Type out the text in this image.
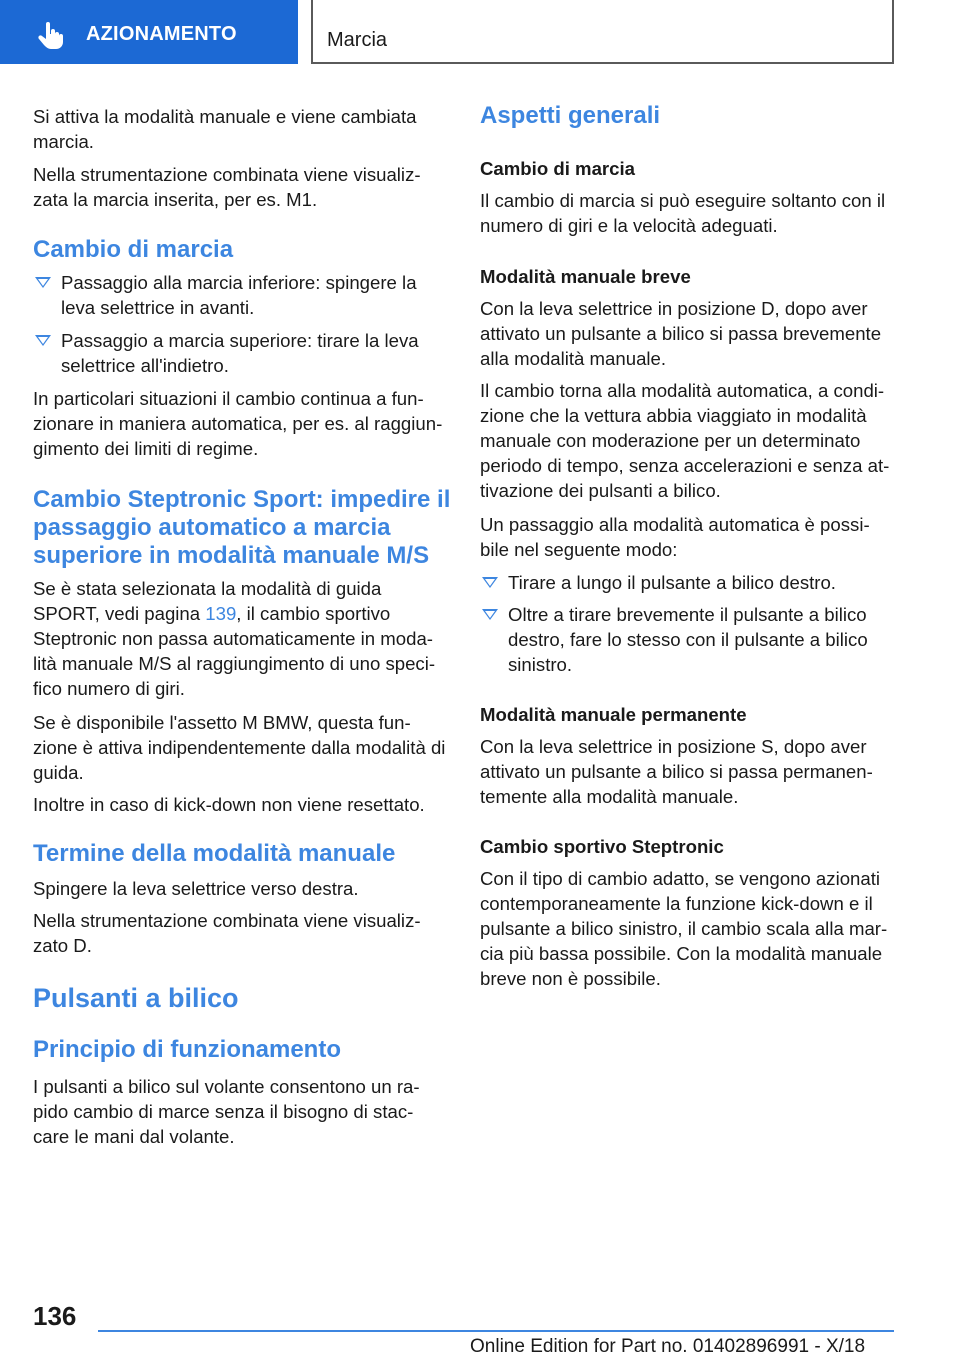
AZIONAMENTO	Marcia

Si attiva la modalità manuale e viene cambiata marcia.

Nella strumentazione combinata viene visualiz- zata la marcia inserita, per es. M1.

Cambio di marcia

Passaggio alla marcia inferiore: spingere la leva selettrice in avanti.

Passaggio a marcia superiore: tirare la leva selettrice all'indietro.

In particolari situazioni il cambio continua a fun- zionare in maniera automatica, per es. al raggiun- gimento dei limiti di regime.

Cambio Steptronic Sport: impedire il passaggio automatico a marcia superiore in modalità manuale M/S

Se è stata selezionata la modalità di guida SPORT, vedi pagina 139, il cambio sportivo Steptronic non passa automaticamente in moda- lità manuale M/S al raggiungimento di uno speci- fico numero di giri.

Se è disponibile l'assetto M BMW, questa fun- zione è attiva indipendentemente dalla modalità di guida.

Inoltre in caso di kick-down non viene resettato.

Termine della modalità manuale

Spingere la leva selettrice verso destra.

Nella strumentazione combinata viene visualiz- zato D.

Pulsanti a bilico
Principio di funzionamento

I pulsanti a bilico sul volante consentono un ra- pido cambio di marce senza il bisogno di stac- care le mani dal volante.

Aspetti generali
Cambio di marcia

Il cambio di marcia si può eseguire soltanto con il numero di giri e la velocità adeguati.

Modalità manuale breve

Con la leva selettrice in posizione D, dopo aver attivato un pulsante a bilico si passa brevemente alla modalità manuale.

Il cambio torna alla modalità automatica, a condi- zione che la vettura abbia viaggiato in modalità manuale con moderazione per un determinato periodo di tempo, senza accelerazioni e senza at- tivazione dei pulsanti a bilico.

Un passaggio alla modalità automatica è possi- bile nel seguente modo:

Tirare a lungo il pulsante a bilico destro.

Oltre a tirare brevemente il pulsante a bilico destro, fare lo stesso con il pulsante a bilico sinistro.

Modalità manuale permanente

Con la leva selettrice in posizione S, dopo aver attivato un pulsante a bilico si passa permanen- temente alla modalità manuale.

Cambio sportivo Steptronic

Con il tipo di cambio adatto, se vengono azionati contemporaneamente la funzione kick-down e il pulsante a bilico sinistro, il cambio scala alla mar- cia più bassa possibile. Con la modalità manuale breve non è possibile.

136
Online Edition for Part no. 01402896991 - X/18
